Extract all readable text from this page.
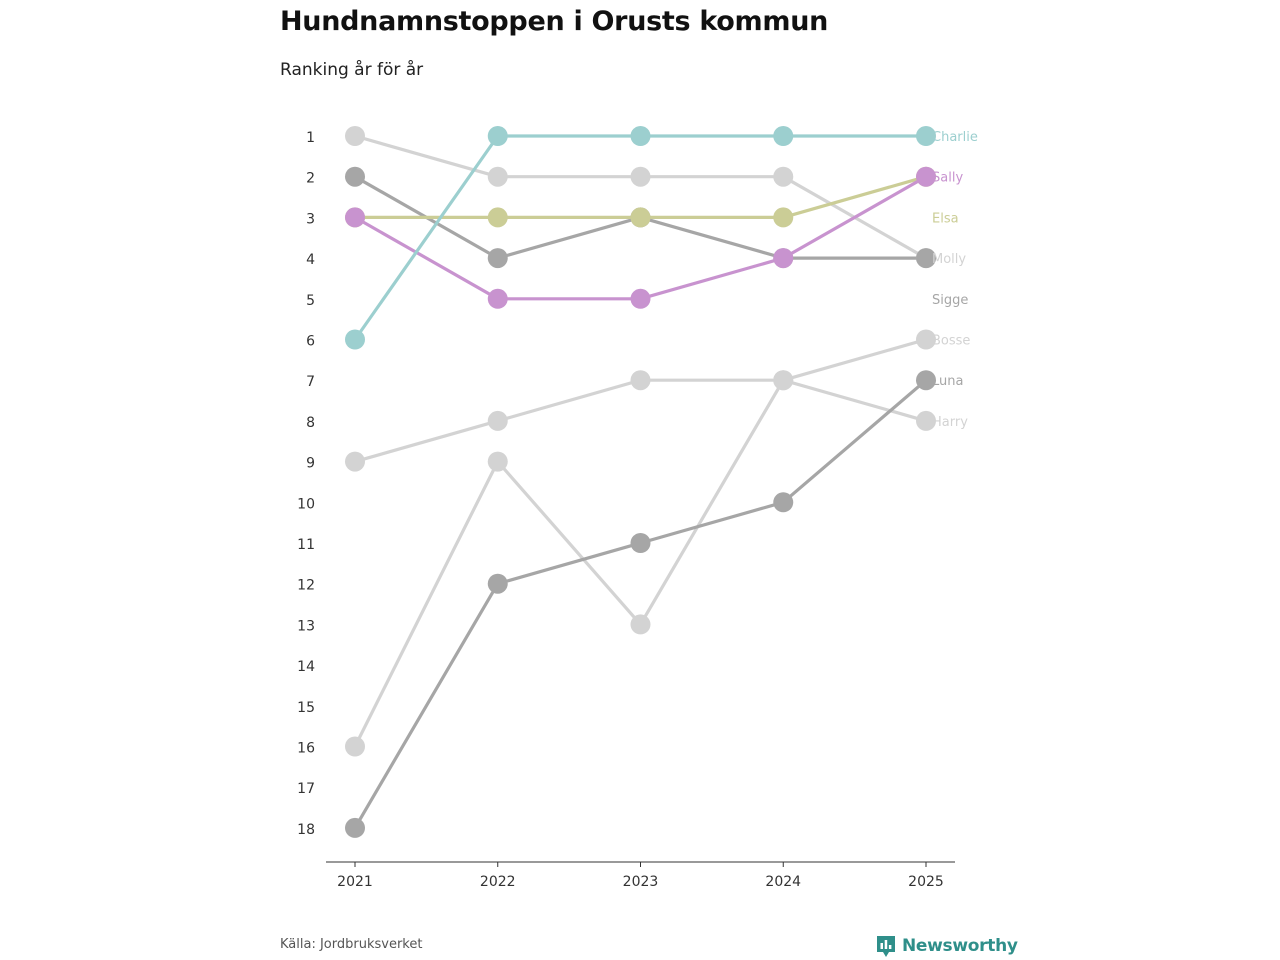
Hundnamnstoppen i Orusts kommun
Ranking år för år
1
2
3
4
5
6
7
8
9
10
11
12
13
14
15
16
17
18
Charlie
Sally
Elsa
Molly
Sigge
Bosse
Luna
Harry
2021	2022	2023	2024	2025
Källa: Jordbruksverket	Newsworthy
